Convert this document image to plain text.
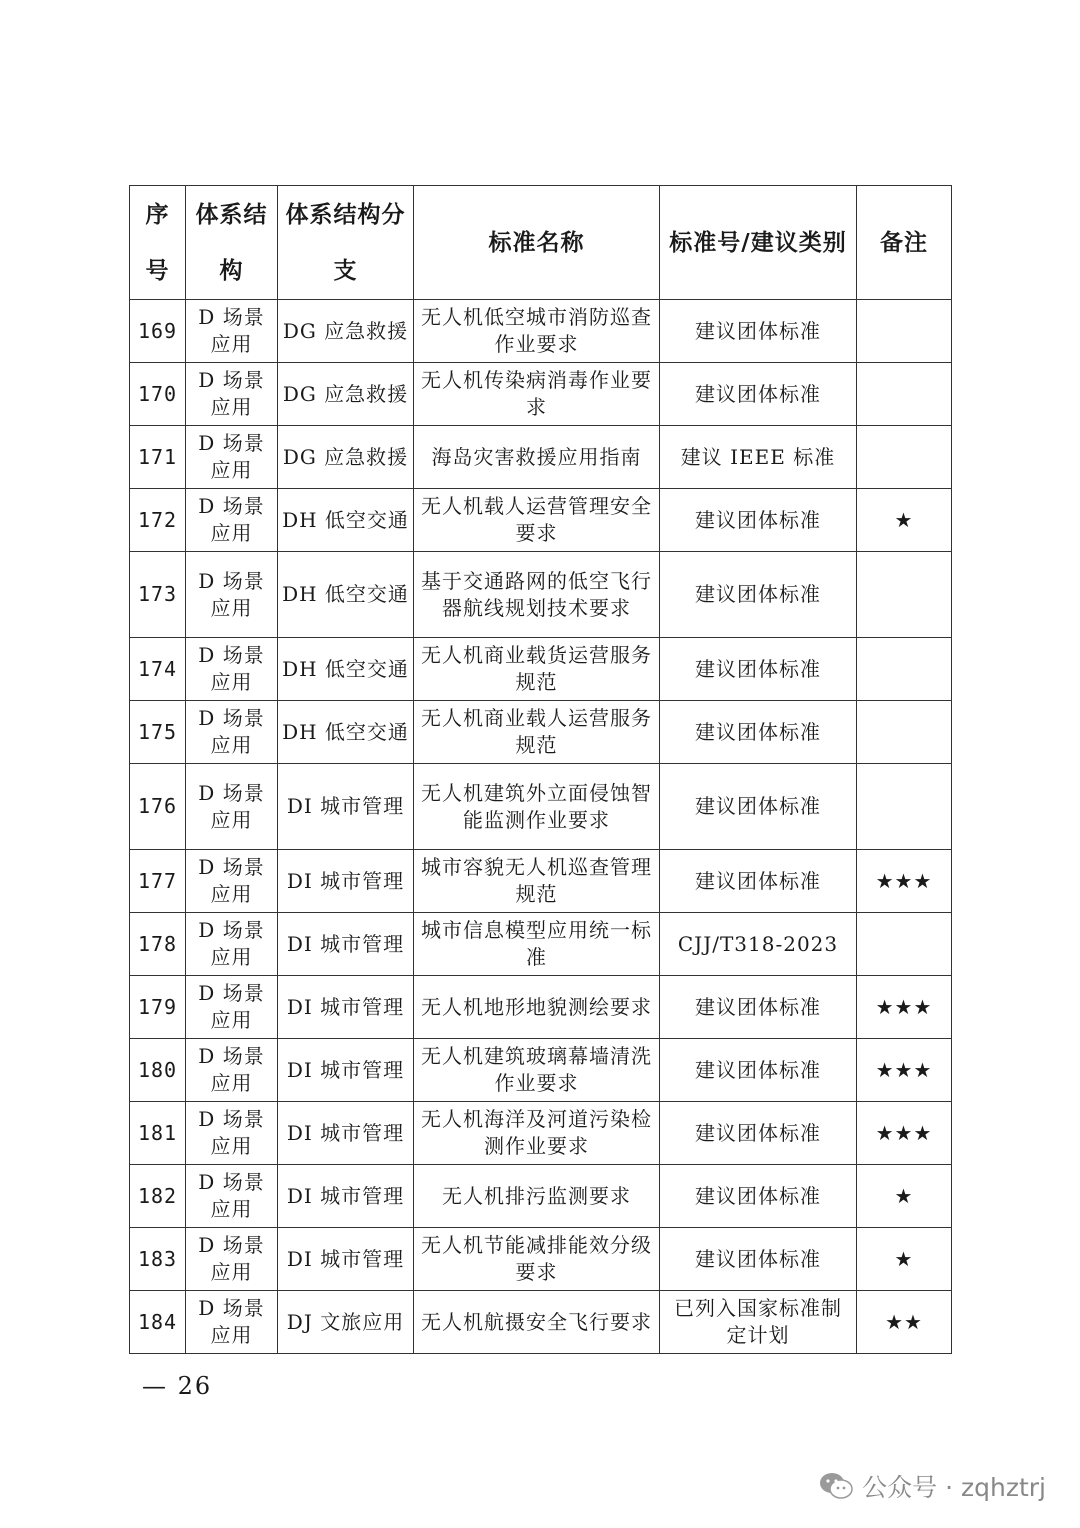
序号	体系结构	体系结构分支	标准名称	标准号/建议类别	备注
169	D 场景应用	DG 应急救援	无人机低空城市消防巡查作业要求	建议团体标准	
170	D 场景应用	DG 应急救援	无人机传染病消毒作业要求	建议团体标准	
171	D 场景应用	DG 应急救援	海岛灾害救援应用指南	建议 IEEE 标准	
172	D 场景应用	DH 低空交通	无人机载人运营管理安全要求	建议团体标准	★
173	D 场景应用	DH 低空交通	基于交通路网的低空飞行器航线规划技术要求	建议团体标准	
174	D 场景应用	DH 低空交通	无人机商业载货运营服务规范	建议团体标准	
175	D 场景应用	DH 低空交通	无人机商业载人运营服务规范	建议团体标准	
176	D 场景应用	DI 城市管理	无人机建筑外立面侵蚀智能监测作业要求	建议团体标准	
177	D 场景应用	DI 城市管理	城市容貌无人机巡查管理规范	建议团体标准	★★★
178	D 场景应用	DI 城市管理	城市信息模型应用统一标准	CJJ/T318-2023	
179	D 场景应用	DI 城市管理	无人机地形地貌测绘要求	建议团体标准	★★★
180	D 场景应用	DI 城市管理	无人机建筑玻璃幕墙清洗作业要求	建议团体标准	★★★
181	D 场景应用	DI 城市管理	无人机海洋及河道污染检测作业要求	建议团体标准	★★★
182	D 场景应用	DI 城市管理	无人机排污监测要求	建议团体标准	★
183	D 场景应用	DI 城市管理	无人机节能减排能效分级要求	建议团体标准	★
184	D 场景应用	DJ 文旅应用	无人机航摄安全飞行要求	已列入国家标准制定计划	★★
— 26
公众号 · zqhztrj
